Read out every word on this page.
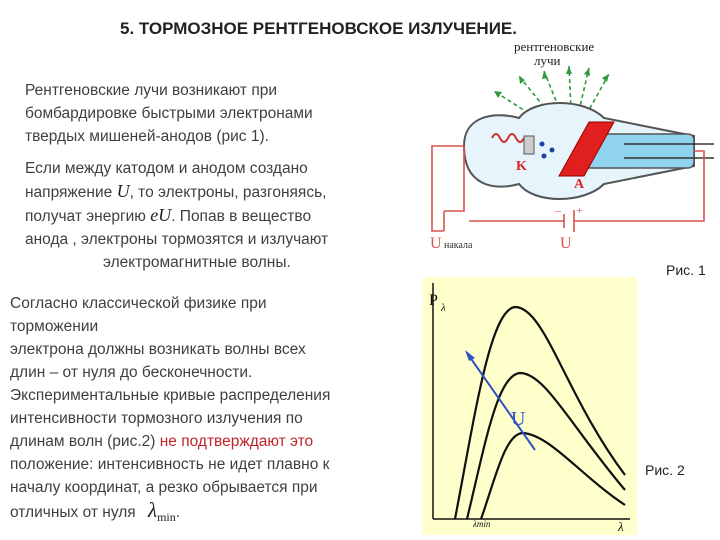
5. ТОРМОЗНОЕ РЕНТГЕНОВСКОЕ ИЗЛУЧЕНИЕ.
Рентгеновские лучи возникают при
бомбардировке быстрыми электронами
твердых мишеней-анодов (рис 1).
Если между катодом и анодом создано
напряжение U, то электроны, разгоняясь,
получат энергию eU. Попав в вещество
анода , электроны тормозятся и излучают
электромагнитные волны.
Согласно классической физике при
торможении
электрона должны возникать волны всех
длин – от нуля до бесконечности.
Экспериментальные кривые распределения
интенсивности тормозного излучения по
длинам волн (рис.2) не подтверждают это
положение: интенсивность не идет плавно к
началу координат, а резко обрывается при
отличных от нуля $\lambda_{min}$.
рентгеновские
лучи
K
A
U накала	U
– +
P λ
λ
U
λmin
Рис. 1
Рис. 2
